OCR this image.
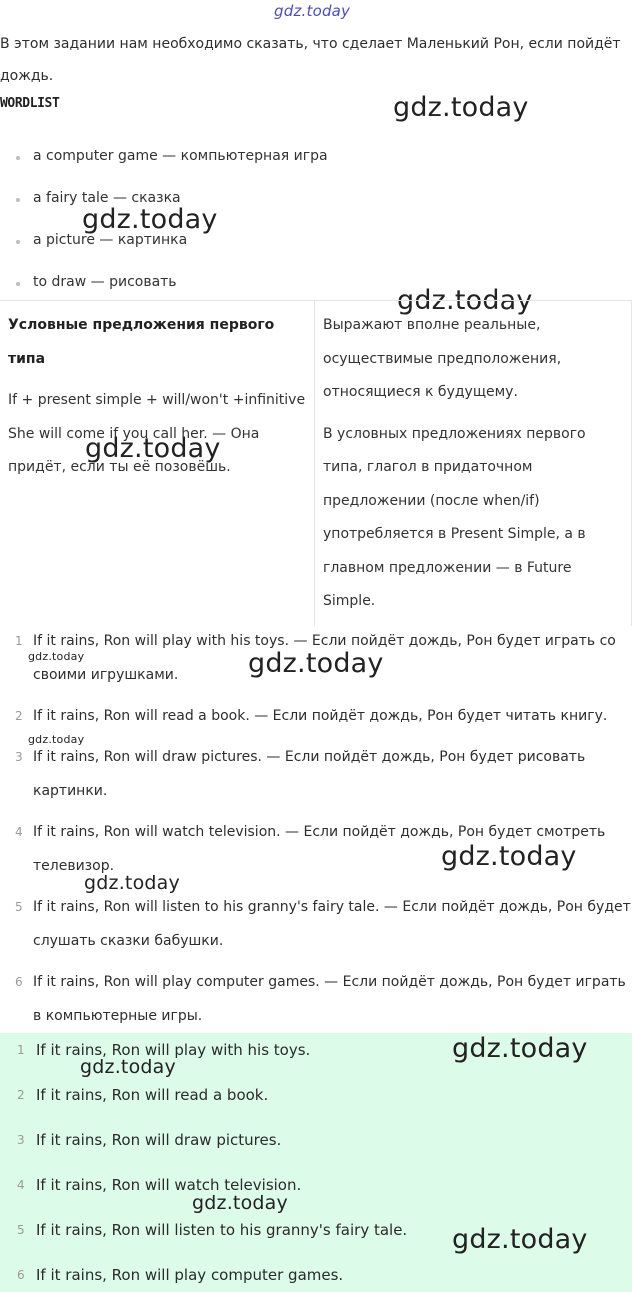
gdz.today
gdz.today
gdz.today
gdz.today
gdz.today
gdz.today
gdz.today
gdz.today
gdz.today
gdz.today
В этом задании нам необходимо сказать, что сделает Маленький Рон, если пойдёт дождь.
WORDLIST
a computer game — компьютерная игра
a fairy tale — сказка
a picture — картинка
to draw — рисовать

Условные предложения первого типа

If + present simple + will/won't +infinitive

She will come if you call her. — Она придёт, если ты её позовёшь.

Выражают вполне реальные, осуществимые предположения, относящиеся к будущему.

В условных предложениях первого типа, глагол в придаточном предложении (после when/if) употребляется в Present Simple, а в главном предложении — в Future Simple.

1 If it rains, Ron will play with his toys. — Если пойдёт дождь, Рон будет играть со своими игрушками.
2 If it rains, Ron will read a book. — Если пойдёт дождь, Рон будет читать книгу.
3 If it rains, Ron will draw pictures. — Если пойдёт дождь, Рон будет рисовать картинки.
4 If it rains, Ron will watch television. — Если пойдёт дождь, Рон будет смотреть телевизор.
5 If it rains, Ron will listen to his granny's fairy tale. — Если пойдёт дождь, Рон будет слушать сказки бабушки.
6 If it rains, Ron will play computer games. — Если пойдёт дождь, Рон будет играть в компьютерные игры.
1 If it rains, Ron will play with his toys.
2 If it rains, Ron will read a book.
3 If it rains, Ron will draw pictures.
4 If it rains, Ron will watch television.
5 If it rains, Ron will listen to his granny's fairy tale.
6 If it rains, Ron will play computer games.
gdz.today
gdz.today
gdz.today
gdz.today
